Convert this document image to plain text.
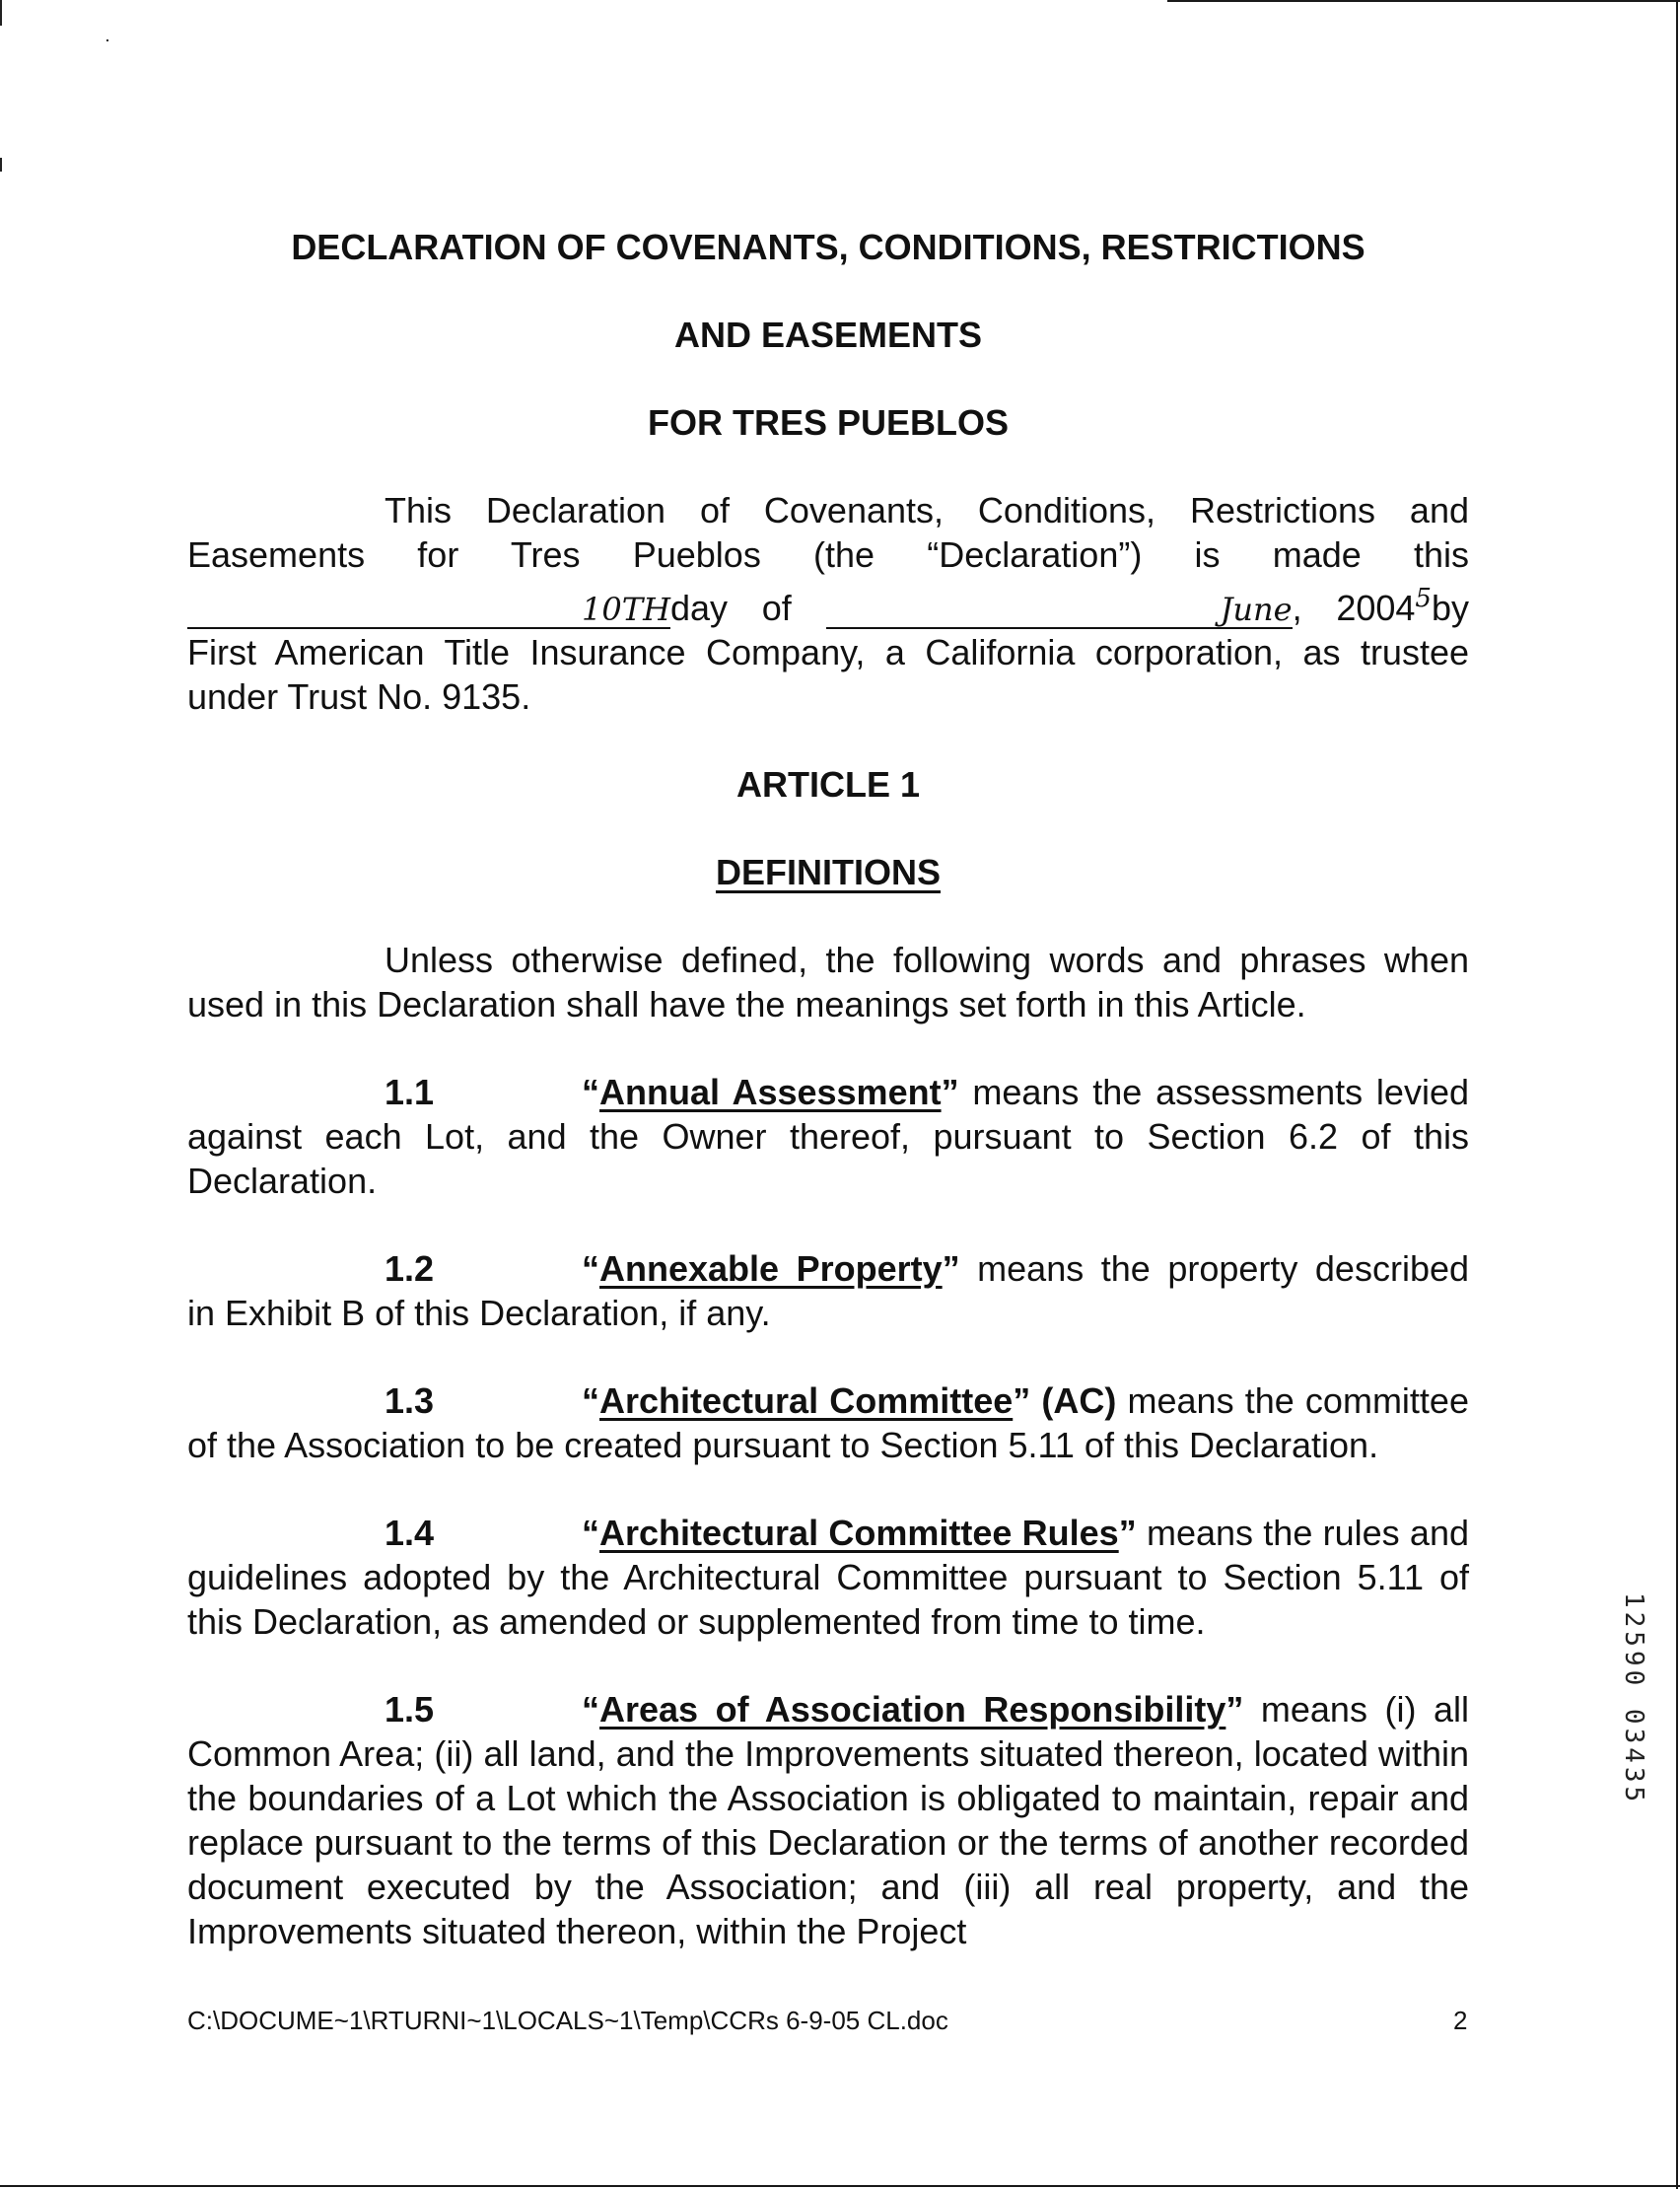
DECLARATION OF COVENANTS, CONDITIONS, RESTRICTIONS

AND EASEMENTS

FOR TRES PUEBLOS

This Declaration of Covenants, Conditions, Restrictions and Easements for Tres Pueblos (the “Declaration”) is made this 10THday of	June, 2004$^5$by First American Title Insurance Company, a California corporation, as trustee under Trust No. 9135.

ARTICLE 1

DEFINITIONS

Unless otherwise defined, the following words and phrases when used in this Declaration shall have the meanings set forth in this Article.

1.1	“Annual Assessment” means the assessments levied against each Lot, and the Owner thereof, pursuant to Section 6.2 of this Declaration.

1.2	“Annexable Property” means the property described in Exhibit B of this Declaration, if any.

1.3	“Architectural Committee” (AC) means the committee of the Association to be created pursuant to Section 5.11 of this Declaration.

1.4	“Architectural Committee Rules” means the rules and guidelines adopted by the Architectural Committee pursuant to Section 5.11 of this Declaration, as amended or supplemented from time to time.

1.5	“Areas of Association Responsibility” means (i) all Common Area; (ii) all land, and the Improvements situated thereon, located within the boundaries of a Lot which the Association is obligated to maintain, repair and replace pursuant to the terms of this Declaration or the terms of another recorded document executed by the Association; and (iii) all real property, and the Improvements situated thereon, within the Project

12590 03435
C:\DOCUME~1\RTURNI~1\LOCALS~1\Temp\CCRs 6-9-05 CL.doc	2
